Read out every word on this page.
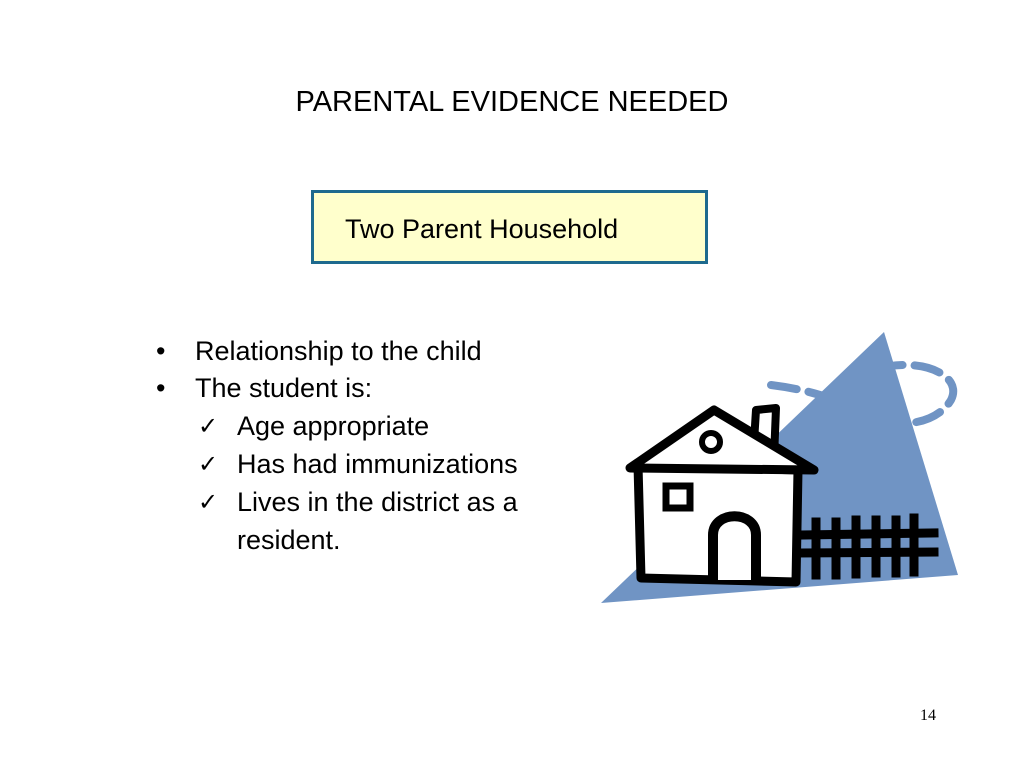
PARENTAL EVIDENCE NEEDED
Two Parent Household
• Relationship to the child
• The student is:
✓ Age appropriate
✓ Has had immunizations
✓ Lives in the district as a resident.
14
